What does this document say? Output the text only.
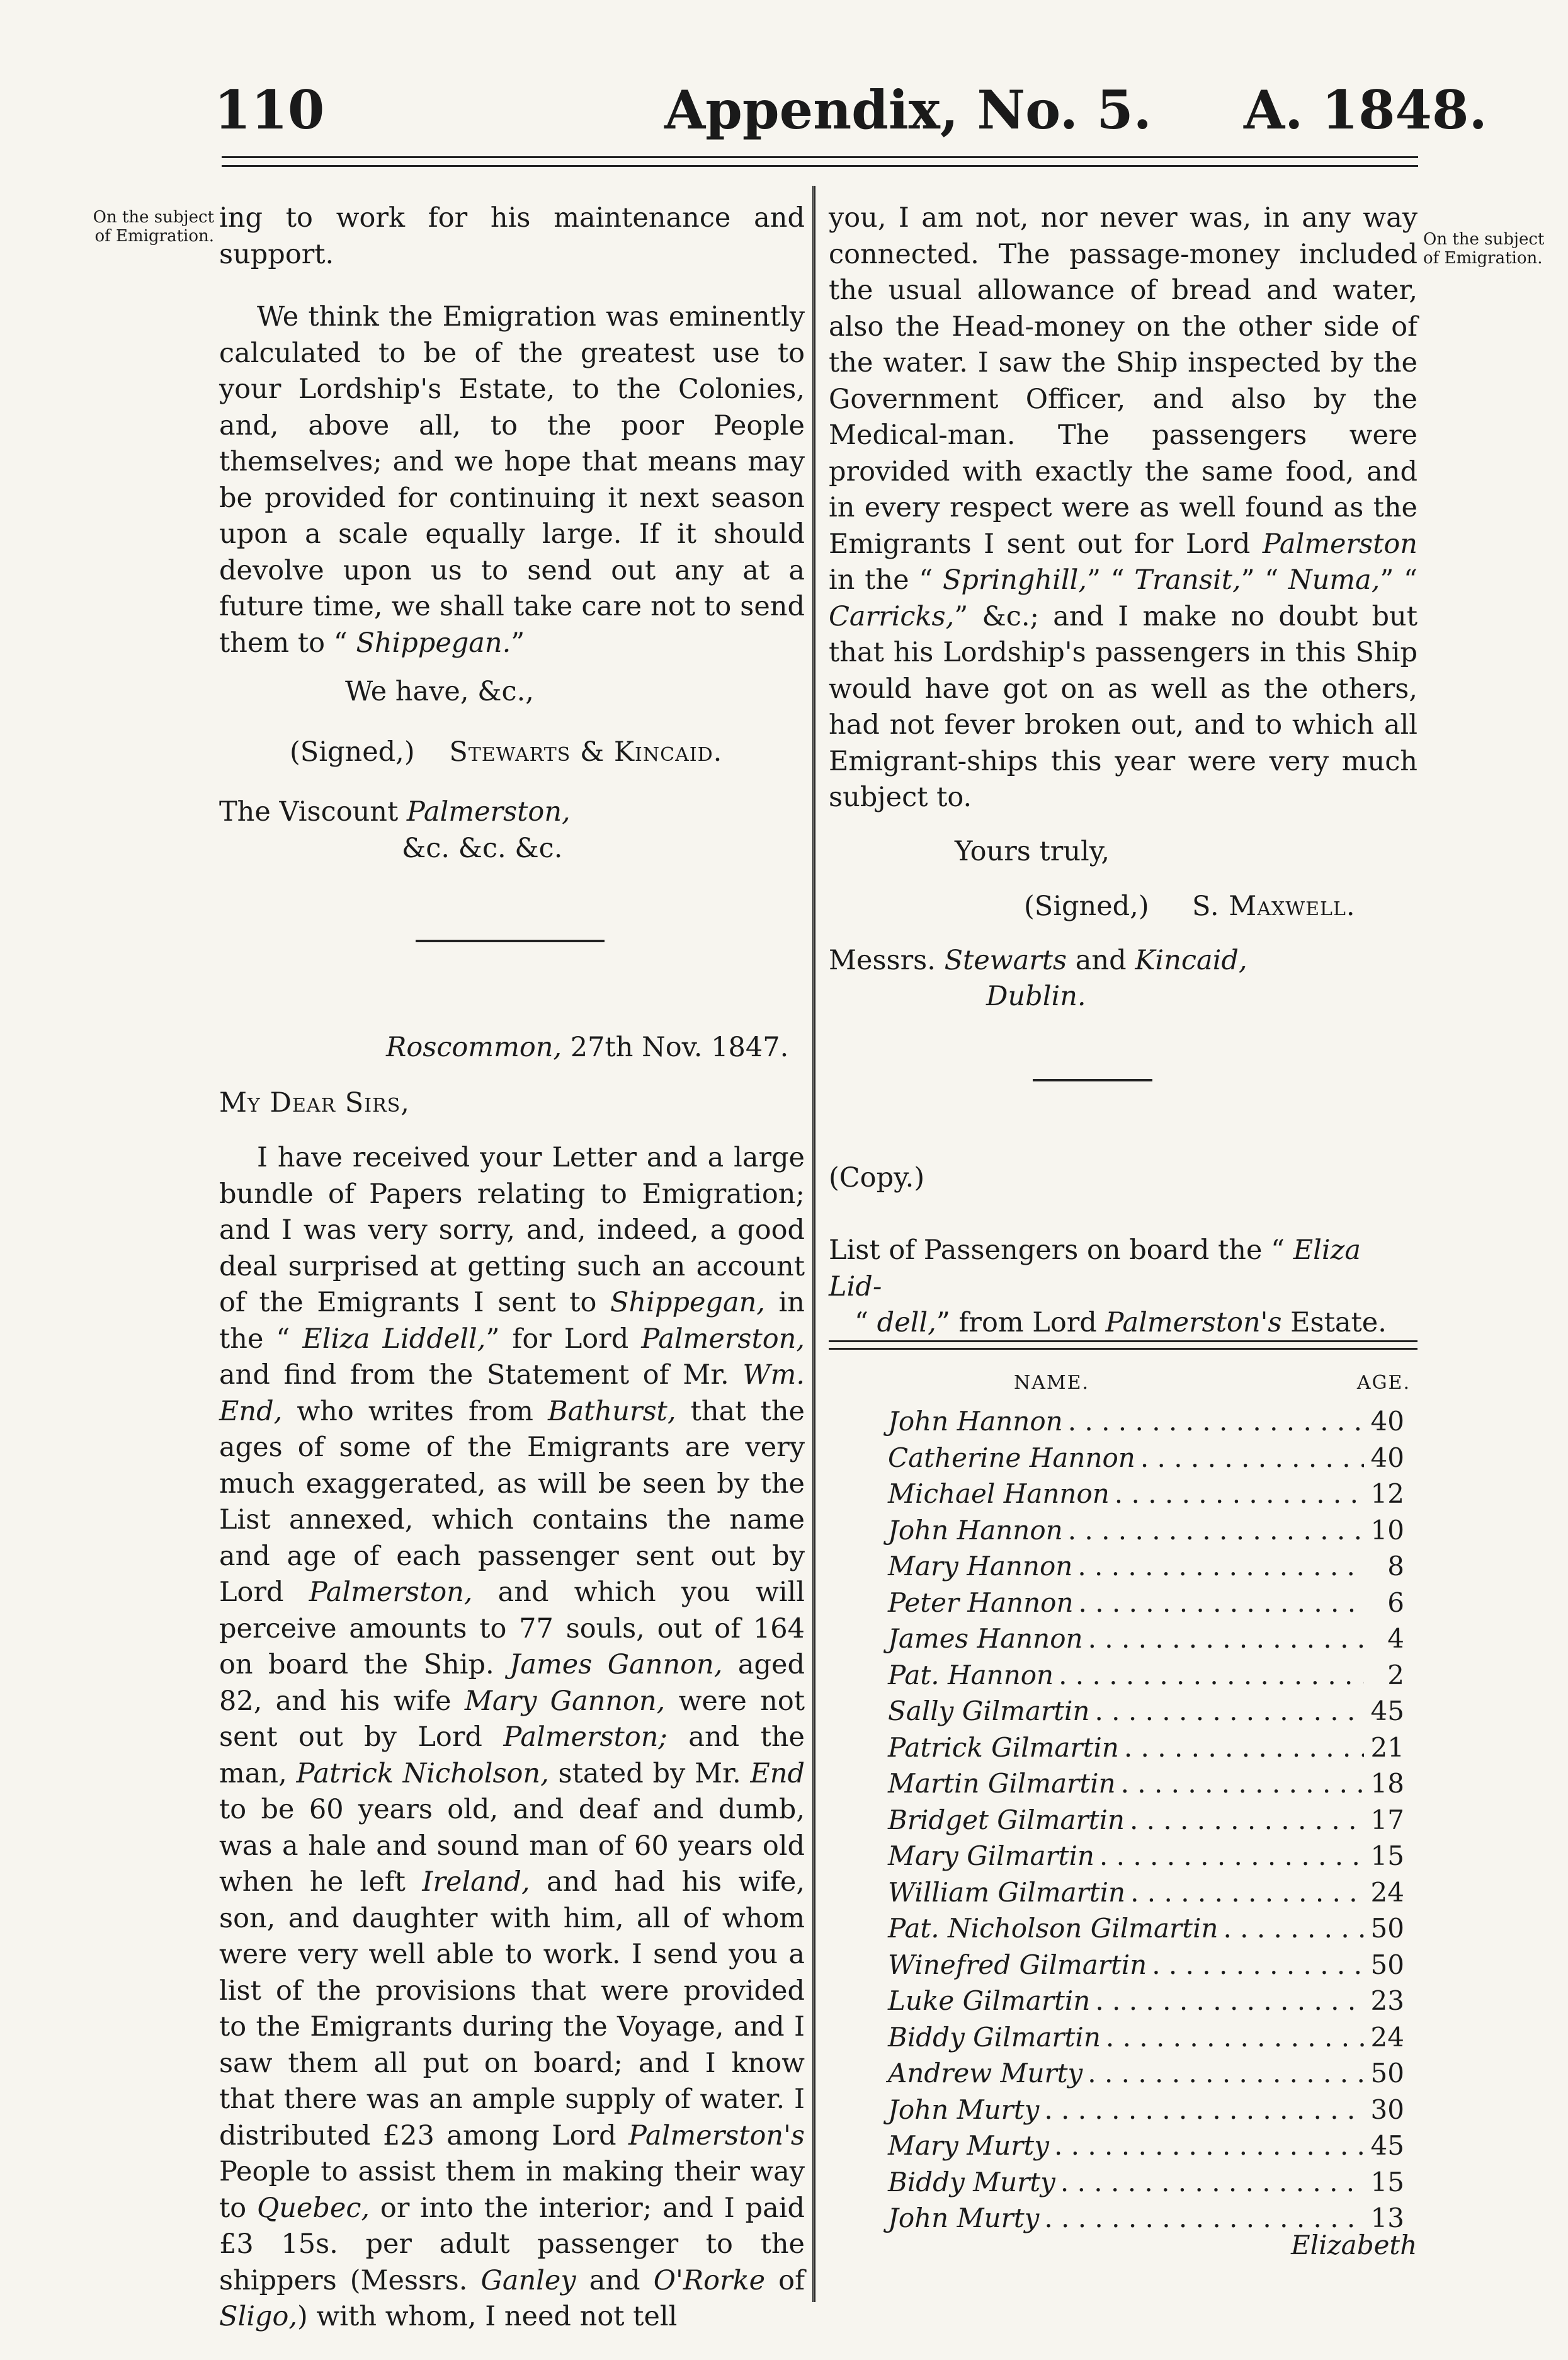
110	Appendix, No. 5. A. 1848.
On the subject of Emigration.	On the subject of Emigration.

ing to work for his maintenance and support.

We think the Emigration was eminently calculated to be of the greatest use to your Lordship's Estate, to the Colonies, and, above all, to the poor People themselves; and we hope that means may be provided for continuing it next season upon a scale equally large. If it should devolve upon us to send out any at a future time, we shall take care not to send them to “ Shippegan.”

We have, &c.,

(Signed,) Stewarts & Kincaid.

The Viscount Palmerston,

&c. &c. &c.

Roscommon, 27th Nov. 1847.

My Dear Sirs,

I have received your Letter and a large bundle of Papers relating to Emigration; and I was very sorry, and, indeed, a good deal surprised at getting such an account of the Emigrants I sent to Shippegan, in the “ Eliza Liddell,” for Lord Palmerston, and find from the Statement of Mr. Wm. End, who writes from Bathurst, that the ages of some of the Emigrants are very much exaggerated, as will be seen by the List annexed, which contains the name and age of each passenger sent out by Lord Palmerston, and which you will perceive amounts to 77 souls, out of 164 on board the Ship. James Gannon, aged 82, and his wife Mary Gannon, were not sent out by Lord Palmerston; and the man, Patrick Nicholson, stated by Mr. End to be 60 years old, and deaf and dumb, was a hale and sound man of 60 years old when he left Ireland, and had his wife, son, and daughter with him, all of whom were very well able to work. I send you a list of the provisions that were provided to the Emigrants during the Voyage, and I saw them all put on board; and I know that there was an ample supply of water. I distributed £23 among Lord Palmerston's People to assist them in making their way to Quebec, or into the interior; and I paid £3 15s. per adult passenger to the shippers (Messrs. Ganley and O'Rorke of Sligo,) with whom, I need not tell

you, I am not, nor never was, in any way connected. The passage-money included the usual allowance of bread and water, also the Head-money on the other side of the water. I saw the Ship inspected by the Government Officer, and also by the Medical-man. The passengers were provided with exactly the same food, and in every respect were as well found as the Emigrants I sent out for Lord Palmerston in the “ Springhill,” “ Transit,” “ Numa,” “ Carricks,” &c.; and I make no doubt but that his Lordship's passengers in this Ship would have got on as well as the others, had not fever broken out, and to which all Emigrant-ships this year were very much subject to.

Yours truly,

(Signed,) S. Maxwell.

Messrs. Stewarts and Kincaid,

Dublin.

(Copy.)

List of Passengers on board the “ Eliza Lid-
“ dell,” from Lord Palmerston's Estate.

NAME.	AGE.
John Hannon . . .	40
Catherine Hannon . . .	40
Michael Hannon . . .	12
John Hannon . . .	10
Mary Hannon . . .	8
Peter Hannon . . .	6
James Hannon . . .	4
Pat. Hannon . . .	2
Sally Gilmartin . . .	45
Patrick Gilmartin . . .	21
Martin Gilmartin . . .	18
Bridget Gilmartin . . .	17
Mary Gilmartin . . .	15
William Gilmartin . . .	24
Pat. Nicholson Gilmartin . . .	50
Winefred Gilmartin . . .	50
Luke Gilmartin . . .	23
Biddy Gilmartin . . .	24
Andrew Murty . . .	50
John Murty . . .	30
Mary Murty . . .	45
Biddy Murty . . .	15
John Murty . . .	13
Elizabeth
